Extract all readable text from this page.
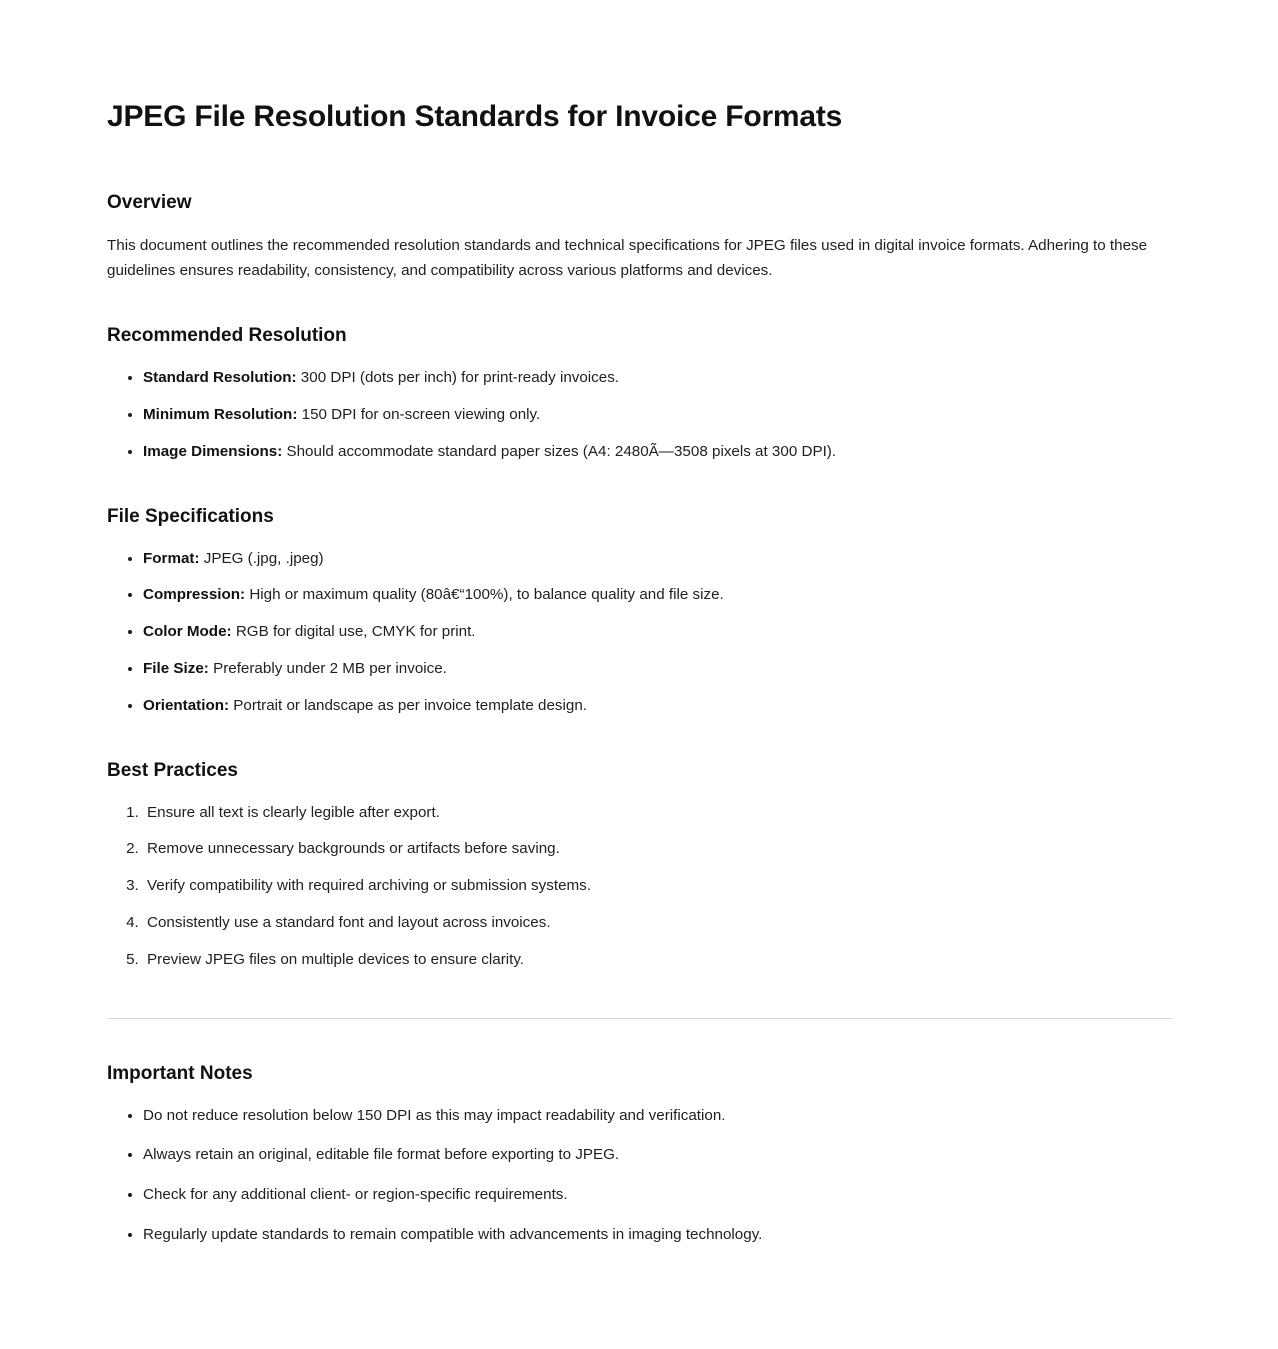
JPEG File Resolution Standards for Invoice Formats
Overview

This document outlines the recommended resolution standards and technical specifications for JPEG files used in digital invoice formats. Adhering to these guidelines ensures readability, consistency, and compatibility across various platforms and devices.

Recommended Resolution
• Standard Resolution: 300 DPI (dots per inch) for print-ready invoices.
• Minimum Resolution: 150 DPI for on-screen viewing only.
• Image Dimensions: Should accommodate standard paper sizes (A4: 2480Ã—3508 pixels at 300 DPI).
File Specifications
• Format: JPEG (.jpg, .jpeg)
• Compression: High or maximum quality (80â€“100%), to balance quality and file size.
• Color Mode: RGB for digital use, CMYK for print.
• File Size: Preferably under 2 MB per invoice.
• Orientation: Portrait or landscape as per invoice template design.
Best Practices
1. Ensure all text is clearly legible after export.
2. Remove unnecessary backgrounds or artifacts before saving.
3. Verify compatibility with required archiving or submission systems.
4. Consistently use a standard font and layout across invoices.
5. Preview JPEG files on multiple devices to ensure clarity.
Important Notes
• Do not reduce resolution below 150 DPI as this may impact readability and verification.
• Always retain an original, editable file format before exporting to JPEG.
• Check for any additional client- or region-specific requirements.
• Regularly update standards to remain compatible with advancements in imaging technology.
